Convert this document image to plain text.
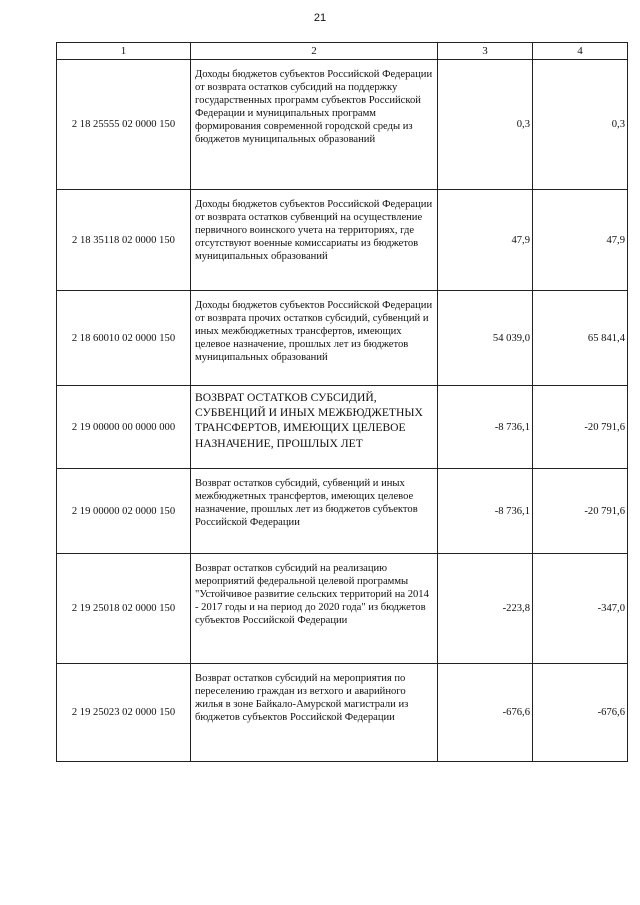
21
1	2	3	4
2 18 25555 02 0000 150	Доходы бюджетов субъектов Российской Федерации от возврата остатков субсидий на поддержку государственных программ субъектов Российской Федерации и муниципальных программ формирования современной городской среды из бюджетов муниципальных образований	0,3	0,3
2 18 35118 02 0000 150	Доходы бюджетов субъектов Российской Федерации от возврата остатков субвенций на осуществление первичного воинского учета на территориях, где отсутствуют военные комиссариаты из бюджетов муниципальных образований	47,9	47,9
2 18 60010 02 0000 150	Доходы бюджетов субъектов Российской Федерации от возврата прочих остатков субсидий, субвенций и иных межбюджетных трансфертов, имеющих целевое назначение, прошлых лет из бюджетов муниципальных образований	54 039,0	65 841,4
2 19 00000 00 0000 000	ВОЗВРАТ ОСТАТКОВ СУБСИДИЙ, СУБВЕНЦИЙ И ИНЫХ МЕЖБЮДЖЕТНЫХ ТРАНСФЕРТОВ, ИМЕЮЩИХ ЦЕЛЕВОЕ НАЗНАЧЕНИЕ, ПРОШЛЫХ ЛЕТ	-8 736,1	-20 791,6
2 19 00000 02 0000 150	Возврат остатков субсидий, субвенций и иных межбюджетных трансфертов, имеющих целевое назначение, прошлых лет из бюджетов субъектов Российской Федерации	-8 736,1	-20 791,6
2 19 25018 02 0000 150	Возврат остатков субсидий на реализацию мероприятий федеральной целевой программы "Устойчивое развитие сельских территорий на 2014 - 2017 годы и на период до 2020 года" из бюджетов субъектов Российской Федерации	-223,8	-347,0
2 19 25023 02 0000 150	Возврат остатков субсидий на мероприятия по переселению граждан из ветхого и аварийного жилья в зоне Байкало-Амурской магистрали из бюджетов субъектов Российской Федерации	-676,6	-676,6
